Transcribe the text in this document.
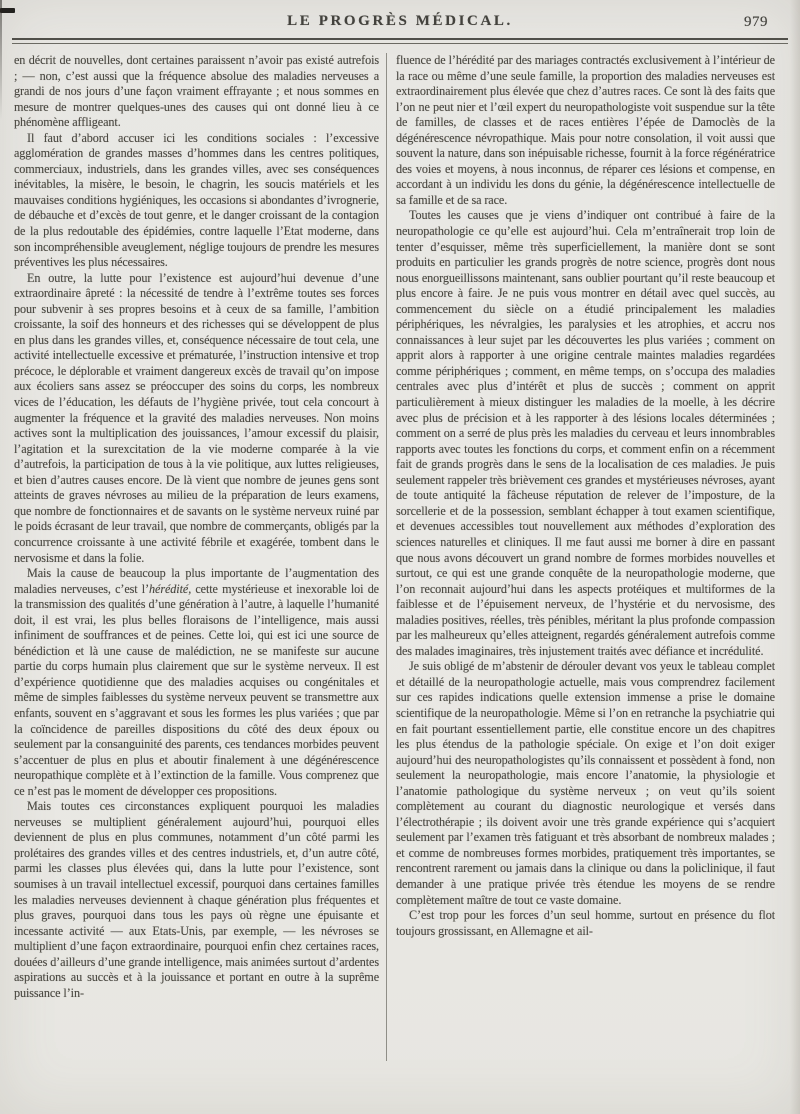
LE PROGRÈS MÉDICAL.	979

en décrit de nouvelles, dont certaines paraissent n’avoir pas existé autrefois ; — non, c’est aussi que la fréquence absolue des maladies nerveuses a grandi de nos jours d’une façon vraiment effrayante ; et nous sommes en mesure de montrer quelques-unes des causes qui ont donné lieu à ce phénomène affligeant.

Il faut d’abord accuser ici les conditions sociales : l’excessive agglomération de grandes masses d’hommes dans les centres politiques, commerciaux, industriels, dans les grandes villes, avec ses conséquences inévitables, la misère, le besoin, le chagrin, les soucis matériels et les mauvaises conditions hygiéniques, les occasions si abondantes d’ivrognerie, de débauche et d’excès de tout genre, et le danger croissant de la contagion de la plus redoutable des épidémies, contre laquelle l’Etat moderne, dans son incompréhensible aveuglement, néglige toujours de prendre les mesures préventives les plus nécessaires.

En outre, la lutte pour l’existence est aujourd’hui devenue d’une extraordinaire âpreté : la nécessité de tendre à l’extrême toutes ses forces pour subvenir à ses propres besoins et à ceux de sa famille, l’ambition croissante, la soif des honneurs et des richesses qui se développent de plus en plus dans les grandes villes, et, conséquence nécessaire de tout cela, une activité intellectuelle excessive et prématurée, l’instruction intensive et trop précoce, le déplorable et vraiment dangereux excès de travail qu’on impose aux écoliers sans assez se préoccuper des soins du corps, les nombreux vices de l’éducation, les défauts de l’hygiène privée, tout cela concourt à augmenter la fréquence et la gravité des maladies nerveuses. Non moins actives sont la multiplication des jouissances, l’amour excessif du plaisir, l’agitation et la surexcitation de la vie moderne comparée à la vie d’autrefois, la participation de tous à la vie politique, aux luttes religieuses, et bien d’autres causes encore. De là vient que nombre de jeunes gens sont atteints de graves névroses au milieu de la préparation de leurs examens, que nombre de fonctionnaires et de savants on le système nerveux ruiné par le poids écrasant de leur travail, que nombre de commerçants, obligés par la concurrence croissante à une activité fébrile et exagérée, tombent dans le nervosisme et dans la folie.

Mais la cause de beaucoup la plus importante de l’augmentation des maladies nerveuses, c’est l’hérédité, cette mystérieuse et inexorable loi de la transmission des qualités d’une génération à l’autre, à laquelle l’humanité doit, il est vrai, les plus belles floraisons de l’intelligence, mais aussi infiniment de souffrances et de peines. Cette loi, qui est ici une source de bénédiction et là une cause de malédiction, ne se manifeste sur aucune partie du corps humain plus clairement que sur le système nerveux. Il est d’expérience quotidienne que des maladies acquises ou congénitales et même de simples faiblesses du système nerveux peuvent se transmettre aux enfants, souvent en s’aggravant et sous les formes les plus variées ; que par la coïncidence de pareilles dispositions du côté des deux époux ou seulement par la consanguinité des parents, ces tendances morbides peuvent s’accentuer de plus en plus et aboutir finalement à une dégénérescence neuropathique complète et à l’extinction de la famille. Vous comprenez que ce n’est pas le moment de développer ces propositions.

Mais toutes ces circonstances expliquent pourquoi les maladies nerveuses se multiplient généralement aujourd’hui, pourquoi elles deviennent de plus en plus communes, notamment d’un côté parmi les prolétaires des grandes villes et des centres industriels, et, d’un autre côté, parmi les classes plus élevées qui, dans la lutte pour l’existence, sont soumises à un travail intellectuel excessif, pourquoi dans certaines familles les maladies nerveuses deviennent à chaque génération plus fréquentes et plus graves, pourquoi dans tous les pays où règne une épuisante et incessante activité — aux Etats-Unis, par exemple, — les névroses se multiplient d’une façon extraordinaire, pourquoi enfin chez certaines races, douées d’ailleurs d’une grande intelligence, mais animées surtout d’ardentes aspirations au succès et à la jouissance et portant en outre à la suprême puissance l’in-

fluence de l’hérédité par des mariages contractés exclusivement à l’intérieur de la race ou même d’une seule famille, la proportion des maladies nerveuses est extraordinairement plus élevée que chez d’autres races. Ce sont là des faits que l’on ne peut nier et l’œil expert du neuropathologiste voit suspendue sur la tête de familles, de classes et de races entières l’épée de Damoclès de la dégénérescence névropathique. Mais pour notre consolation, il voit aussi que souvent la nature, dans son inépuisable richesse, fournit à la force régénératrice des voies et moyens, à nous inconnus, de réparer ces lésions et compense, en accordant à un individu les dons du génie, la dégénérescence intellectuelle de sa famille et de sa race.

Toutes les causes que je viens d’indiquer ont contribué à faire de la neuropathologie ce qu’elle est aujourd’hui. Cela m’entraînerait trop loin de tenter d’esquisser, même très superficiellement, la manière dont se sont produits en particulier les grands progrès de notre science, progrès dont nous nous enorgueillissons maintenant, sans oublier pourtant qu’il reste beaucoup et plus encore à faire. Je ne puis vous montrer en détail avec quel succès, au commencement du siècle on a étudié principalement les maladies périphériques, les névralgies, les paralysies et les atrophies, et accru nos connaissances à leur sujet par les découvertes les plus variées ; comment on apprit alors à rapporter à une origine centrale maintes maladies regardées comme périphériques ; comment, en même temps, on s’occupa des maladies centrales avec plus d’intérêt et plus de succès ; comment on apprit particulièrement à mieux distinguer les maladies de la moelle, à les décrire avec plus de précision et à les rapporter à des lésions locales déterminées ; comment on a serré de plus près les maladies du cerveau et leurs innombrables rapports avec toutes les fonctions du corps, et comment enfin on a récemment fait de grands progrès dans le sens de la localisation de ces maladies. Je puis seulement rappeler très brièvement ces grandes et mystérieuses névroses, ayant de toute antiquité la fâcheuse réputation de relever de l’imposture, de la sorcellerie et de la possession, semblant échapper à tout examen scientifique, et devenues accessibles tout nouvellement aux méthodes d’exploration des sciences naturelles et cliniques. Il me faut aussi me borner à dire en passant que nous avons découvert un grand nombre de formes morbides nouvelles et surtout, ce qui est une grande conquête de la neuropathologie moderne, que l’on reconnait aujourd’hui dans les aspects protéiques et multiformes de la faiblesse et de l’épuisement nerveux, de l’hystérie et du nervosisme, des maladies positives, réelles, très pénibles, méritant la plus profonde compassion par les malheureux qu’elles atteignent, regardés généralement autrefois comme des malades imaginaires, très injustement traités avec défiance et incrédulité.

Je suis obligé de m’abstenir de dérouler devant vos yeux le tableau complet et détaillé de la neuropathologie actuelle, mais vous comprendrez facilement sur ces rapides indications quelle extension immense a prise le domaine scientifique de la neuropathologie. Même si l’on en retranche la psychiatrie qui en fait pourtant essentiellement partie, elle constitue encore un des chapitres les plus étendus de la pathologie spéciale. On exige et l’on doit exiger aujourd’hui des neuropathologistes qu’ils connaissent et possèdent à fond, non seulement la neuropathologie, mais encore l’anatomie, la physiologie et l’anatomie pathologique du système nerveux ; on veut qu’ils soient complètement au courant du diagnostic neurologique et versés dans l’électrothérapie ; ils doivent avoir une très grande expérience qui s’acquiert seulement par l’examen très fatiguant et très absorbant de nombreux malades ; et comme de nombreuses formes morbides, pratiquement très importantes, se rencontrent rarement ou jamais dans la clinique ou dans la policlinique, il faut demander à une pratique privée très étendue les moyens de se rendre complètement maître de tout ce vaste domaine.

C’est trop pour les forces d’un seul homme, surtout en présence du flot toujours grossissant, en Allemagne et ail-
